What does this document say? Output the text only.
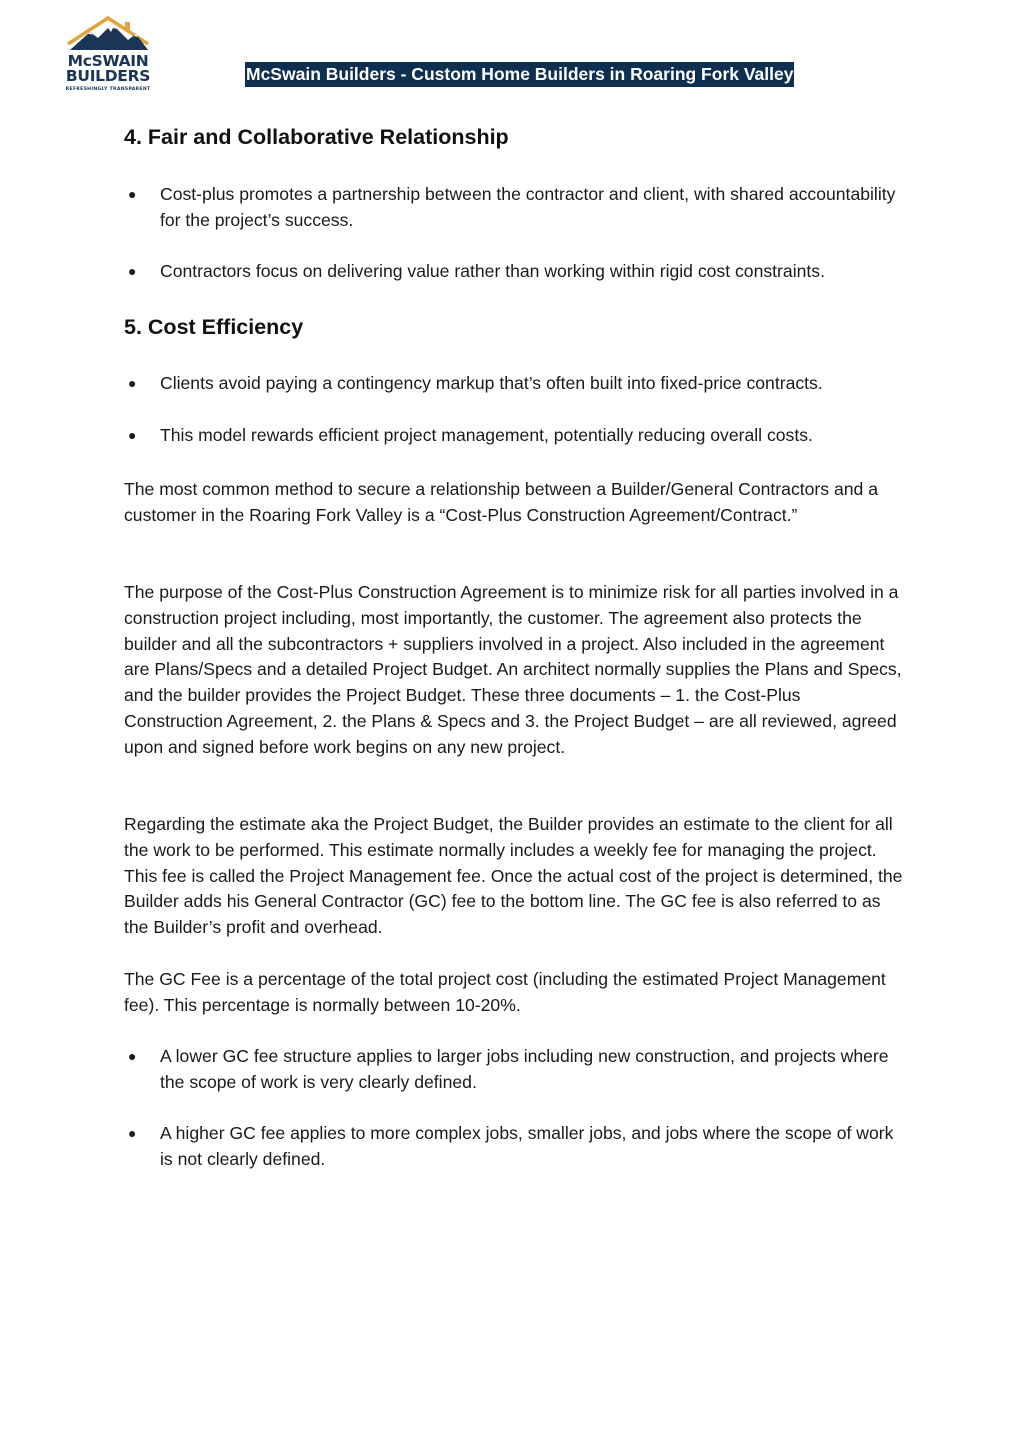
McSWAIN
BUILDERS
REFRESHINGLY TRANSPARENT
McSwain Builders - Custom Home Builders in Roaring Fork Valley
4. Fair and Collaborative Relationship
● Cost-plus promotes a partnership between the contractor and client, with shared accountability for the project’s success.
● Contractors focus on delivering value rather than working within rigid cost constraints.
5. Cost Efficiency
● Clients avoid paying a contingency markup that’s often built into fixed-price contracts.
● This model rewards efficient project management, potentially reducing overall costs.

The most common method to secure a relationship between a Builder/General Contractors and a customer in the Roaring Fork Valley is a “Cost-Plus Construction Agreement/Contract.”

The purpose of the Cost-Plus Construction Agreement is to minimize risk for all parties involved in a construction project including, most importantly, the customer. The agreement also protects the builder and all the subcontractors + suppliers involved in a project. Also included in the agreement are Plans/Specs and a detailed Project Budget. An architect normally supplies the Plans and Specs, and the builder provides the Project Budget. These three documents – 1. the Cost-Plus Construction Agreement, 2. the Plans & Specs and 3. the Project Budget – are all reviewed, agreed upon and signed before work begins on any new project.

Regarding the estimate aka the Project Budget, the Builder provides an estimate to the client for all the work to be performed. This estimate normally includes a weekly fee for managing the project. This fee is called the Project Management fee. Once the actual cost of the project is determined, the Builder adds his General Contractor (GC) fee to the bottom line. The GC fee is also referred to as the Builder’s profit and overhead.

The GC Fee is a percentage of the total project cost (including the estimated Project Management fee). This percentage is normally between 10-20%.

● A lower GC fee structure applies to larger jobs including new construction, and projects where the scope of work is very clearly defined.
● A higher GC fee applies to more complex jobs, smaller jobs, and jobs where the scope of work is not clearly defined.
